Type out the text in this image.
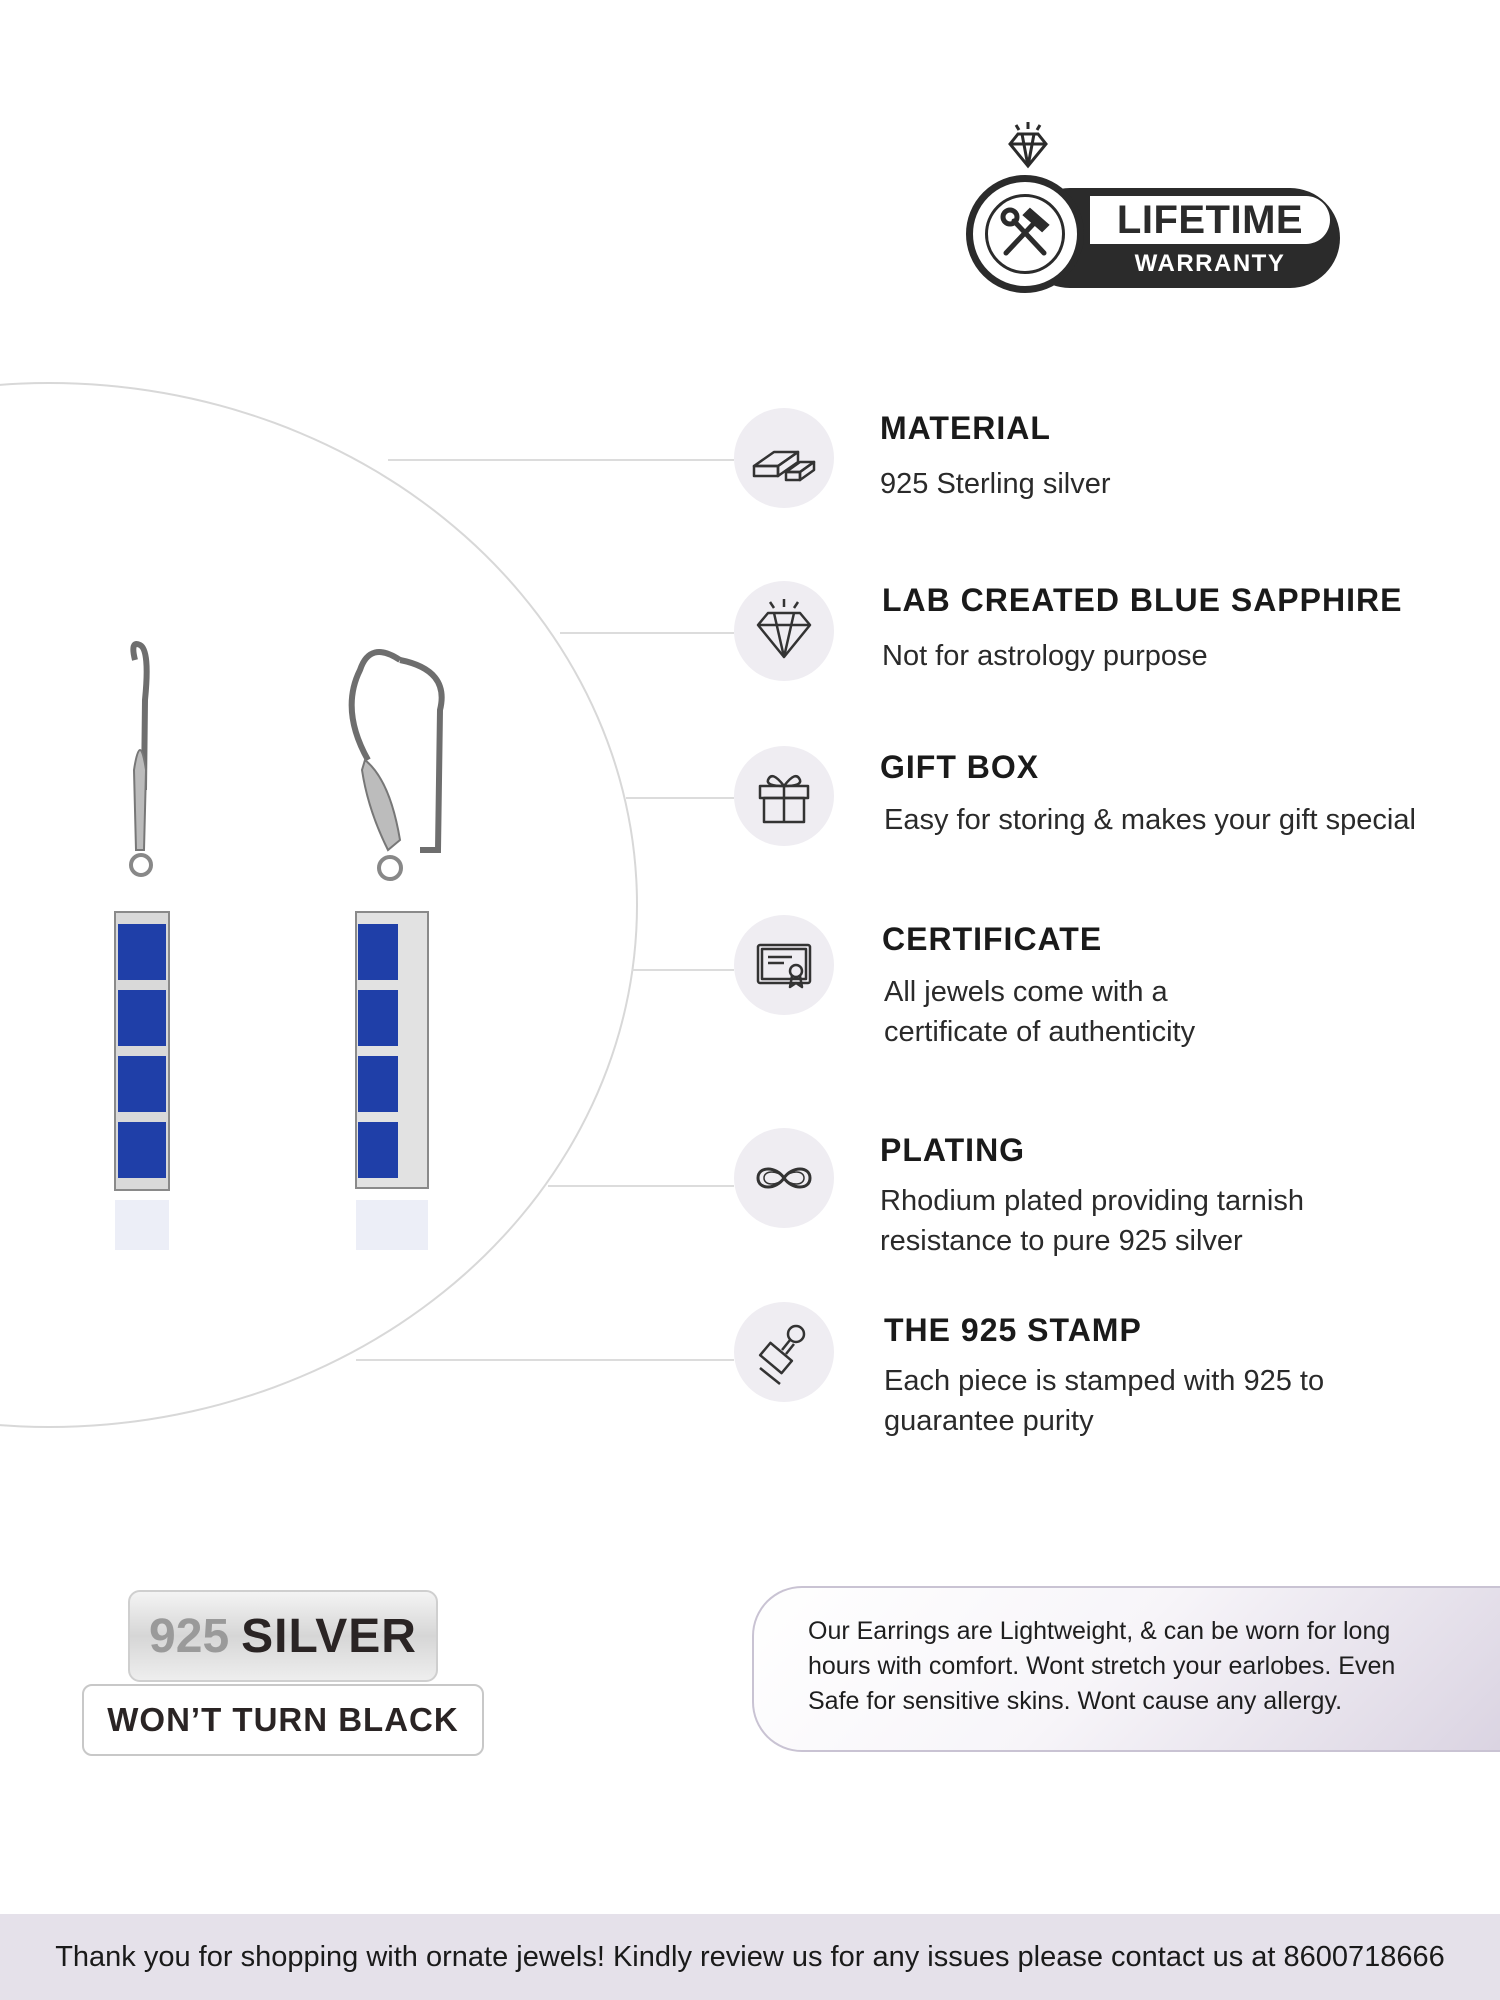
LIFETIME
WARRANTY
MATERIAL
925 Sterling silver
LAB CREATED BLUE SAPPHIRE
Not for astrology purpose
GIFT BOX
Easy for storing & makes your gift special
CERTIFICATE
All jewels come with a
certificate of authenticity
PLATING
Rhodium plated providing tarnish
resistance to pure 925 silver
THE 925 STAMP
Each piece is stamped with 925 to
guarantee purity
925 SILVER
WON’T TURN BLACK
Our Earrings are Lightweight, & can be worn for long
hours with comfort. Wont stretch your earlobes. Even
Safe for sensitive skins. Wont cause any allergy.
Thank you for shopping with ornate jewels! Kindly review us for any issues please contact us at 8600718666
